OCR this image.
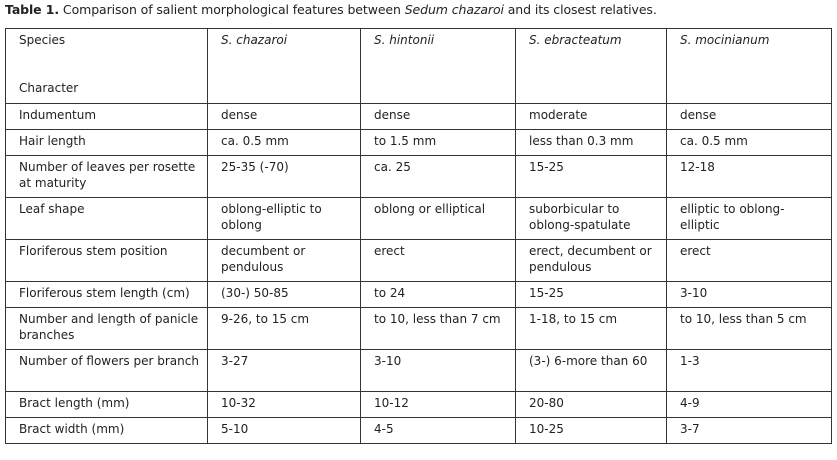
Table 1. Comparison of salient morphological features between Sedum chazaroi and its closest relatives.
Species
Character	S. chazaroi	S. hintonii	S. ebracteatum	S. mocinianum
Indumentum	dense	dense	moderate	dense
Hair length	ca. 0.5 mm	to 1.5 mm	less than 0.3 mm	ca. 0.5 mm
Number of leaves per rosette at maturity	25-35 (-70)	ca. 25	15-25	12-18
Leaf shape	oblong-elliptic to oblong	oblong or elliptical	suborbicular to oblong-spatulate	elliptic to oblong-elliptic
Floriferous stem position	decumbent or pendulous	erect	erect, decumbent or pendulous	erect
Floriferous stem length (cm)	(30-) 50-85	to 24	15-25	3-10
Number and length of panicle branches	9-26, to 15 cm	to 10, less than 7 cm	1-18, to 15 cm	to 10, less than 5 cm
Number of flowers per branch	3-27	3-10	(3-) 6-more than 60	1-3
Bract length (mm)	10-32	10-12	20-80	4-9
Bract width (mm)	5-10	4-5	10-25	3-7
